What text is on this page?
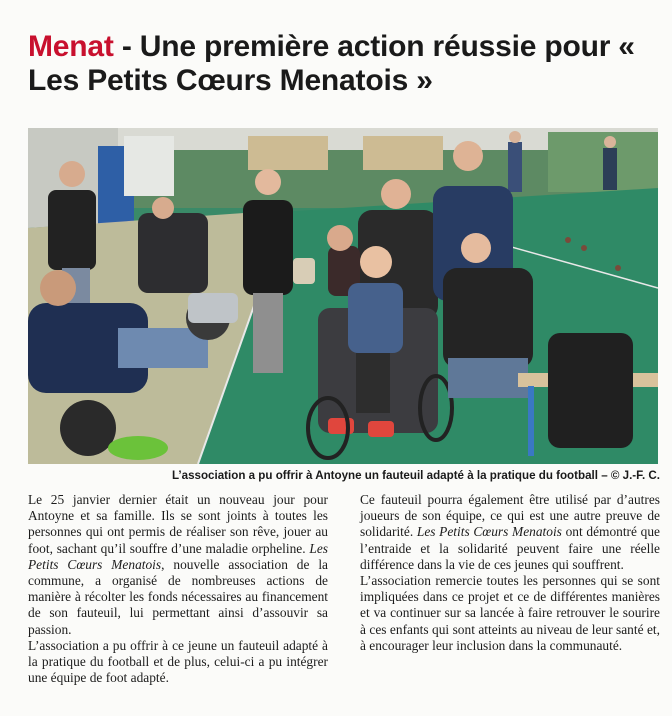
Menat - Une première action réussie pour « Les Petits Cœurs Menatois »
L’association a pu offrir à Antoyne un fauteuil adapté à la pratique du football – © J.-F. C.

Le 25 janvier dernier était un nouveau jour pour Antoyne et sa famille. Ils se sont joints à toutes les personnes qui ont permis de réaliser son rêve, jouer au foot, sachant qu’il souffre d’une maladie orpheline. Les Petits Cœurs Menatois, nouvelle association de la commune, a organisé de nombreuses actions de manière à récolter les fonds nécessaires au financement de son fauteuil, lui permettant ainsi d’assouvir sa passion.

L’association a pu offrir à ce jeune un fauteuil adapté à la pratique du football et de plus, celui-ci a pu intégrer une équipe de foot adapté.

Ce fauteuil pourra également être utilisé par d’autres joueurs de son équipe, ce qui est une autre preuve de solidarité. Les Petits Cœurs Menatois ont démontré que l’entraide et la solidarité peuvent faire une réelle différence dans la vie de ces jeunes qui souffrent.

L’association remercie toutes les personnes qui se sont impliquées dans ce projet et ce de différentes manières et va continuer sur sa lancée à faire retrouver le sourire à ces enfants qui sont atteints au niveau de leur santé et, à encourager leur inclusion dans la communauté.
